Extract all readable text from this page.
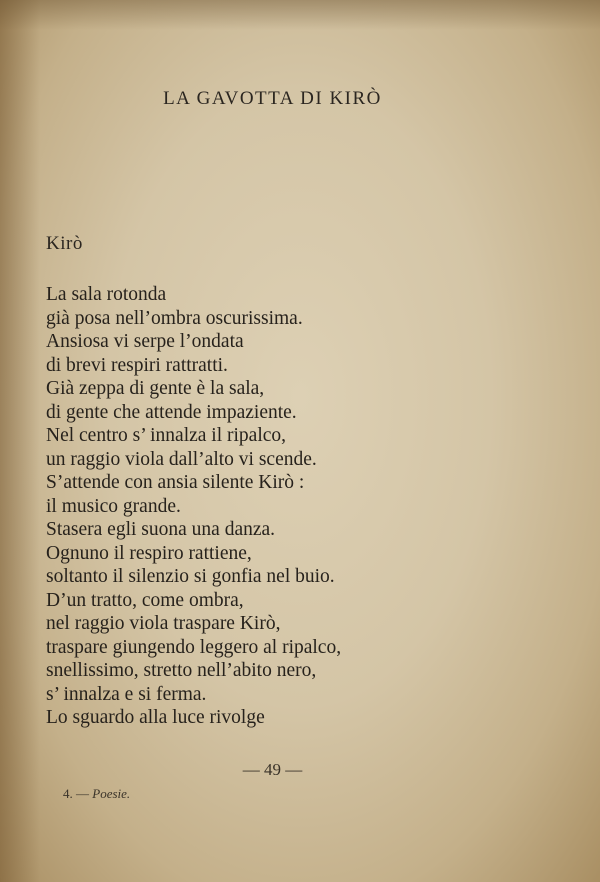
LA GAVOTTA DI KIRÒ
Kirò
La sala rotonda
già posa nell’ombra oscurissima.
Ansiosa vi serpe l’ondata
di brevi respiri rattratti.
Già zeppa di gente è la sala,
di gente che attende impaziente.
Nel centro s’ innalza il ripalco,
un raggio viola dall’alto vi scende.
S’attende con ansia silente Kirò :
il musico grande.
Stasera egli suona una danza.
Ognuno il respiro rattiene,
soltanto il silenzio si gonfia nel buio.
D’un tratto, come ombra,
nel raggio viola traspare Kirò,
traspare giungendo leggero al ripalco,
snellissimo, stretto nell’abito nero,
s’ innalza e si ferma.
Lo sguardo alla luce rivolge
— 49 —
4. — Poesie.
